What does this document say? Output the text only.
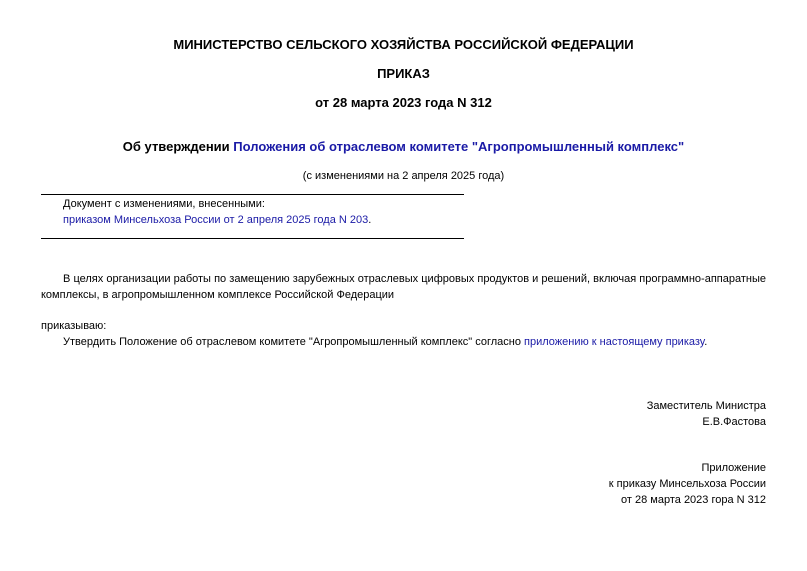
МИНИСТЕРСТВО СЕЛЬСКОГО ХОЗЯЙСТВА РОССИЙСКОЙ ФЕДЕРАЦИИ
ПРИКАЗ
от 28 марта 2023 года N 312
Об утверждении Положения об отраслевом комитете "Агропромышленный комплекс"
(с изменениями на 2 апреля 2025 года)
Документ с изменениями, внесенными:
приказом Минсельхоза России от 2 апреля 2025 года N 203.
В целях организации работы по замещению зарубежных отраслевых цифровых продуктов и решений, включая программно-аппаратные комплексы, в агропромышленном комплексе Российской Федерации
приказываю:
Утвердить Положение об отраслевом комитете "Агропромышленный комплекс" согласно приложению к настоящему приказу.
Заместитель Министра
Е.В.Фастова
Приложение
к приказу Минсельхоза России
от 28 марта 2023 гора N 312
